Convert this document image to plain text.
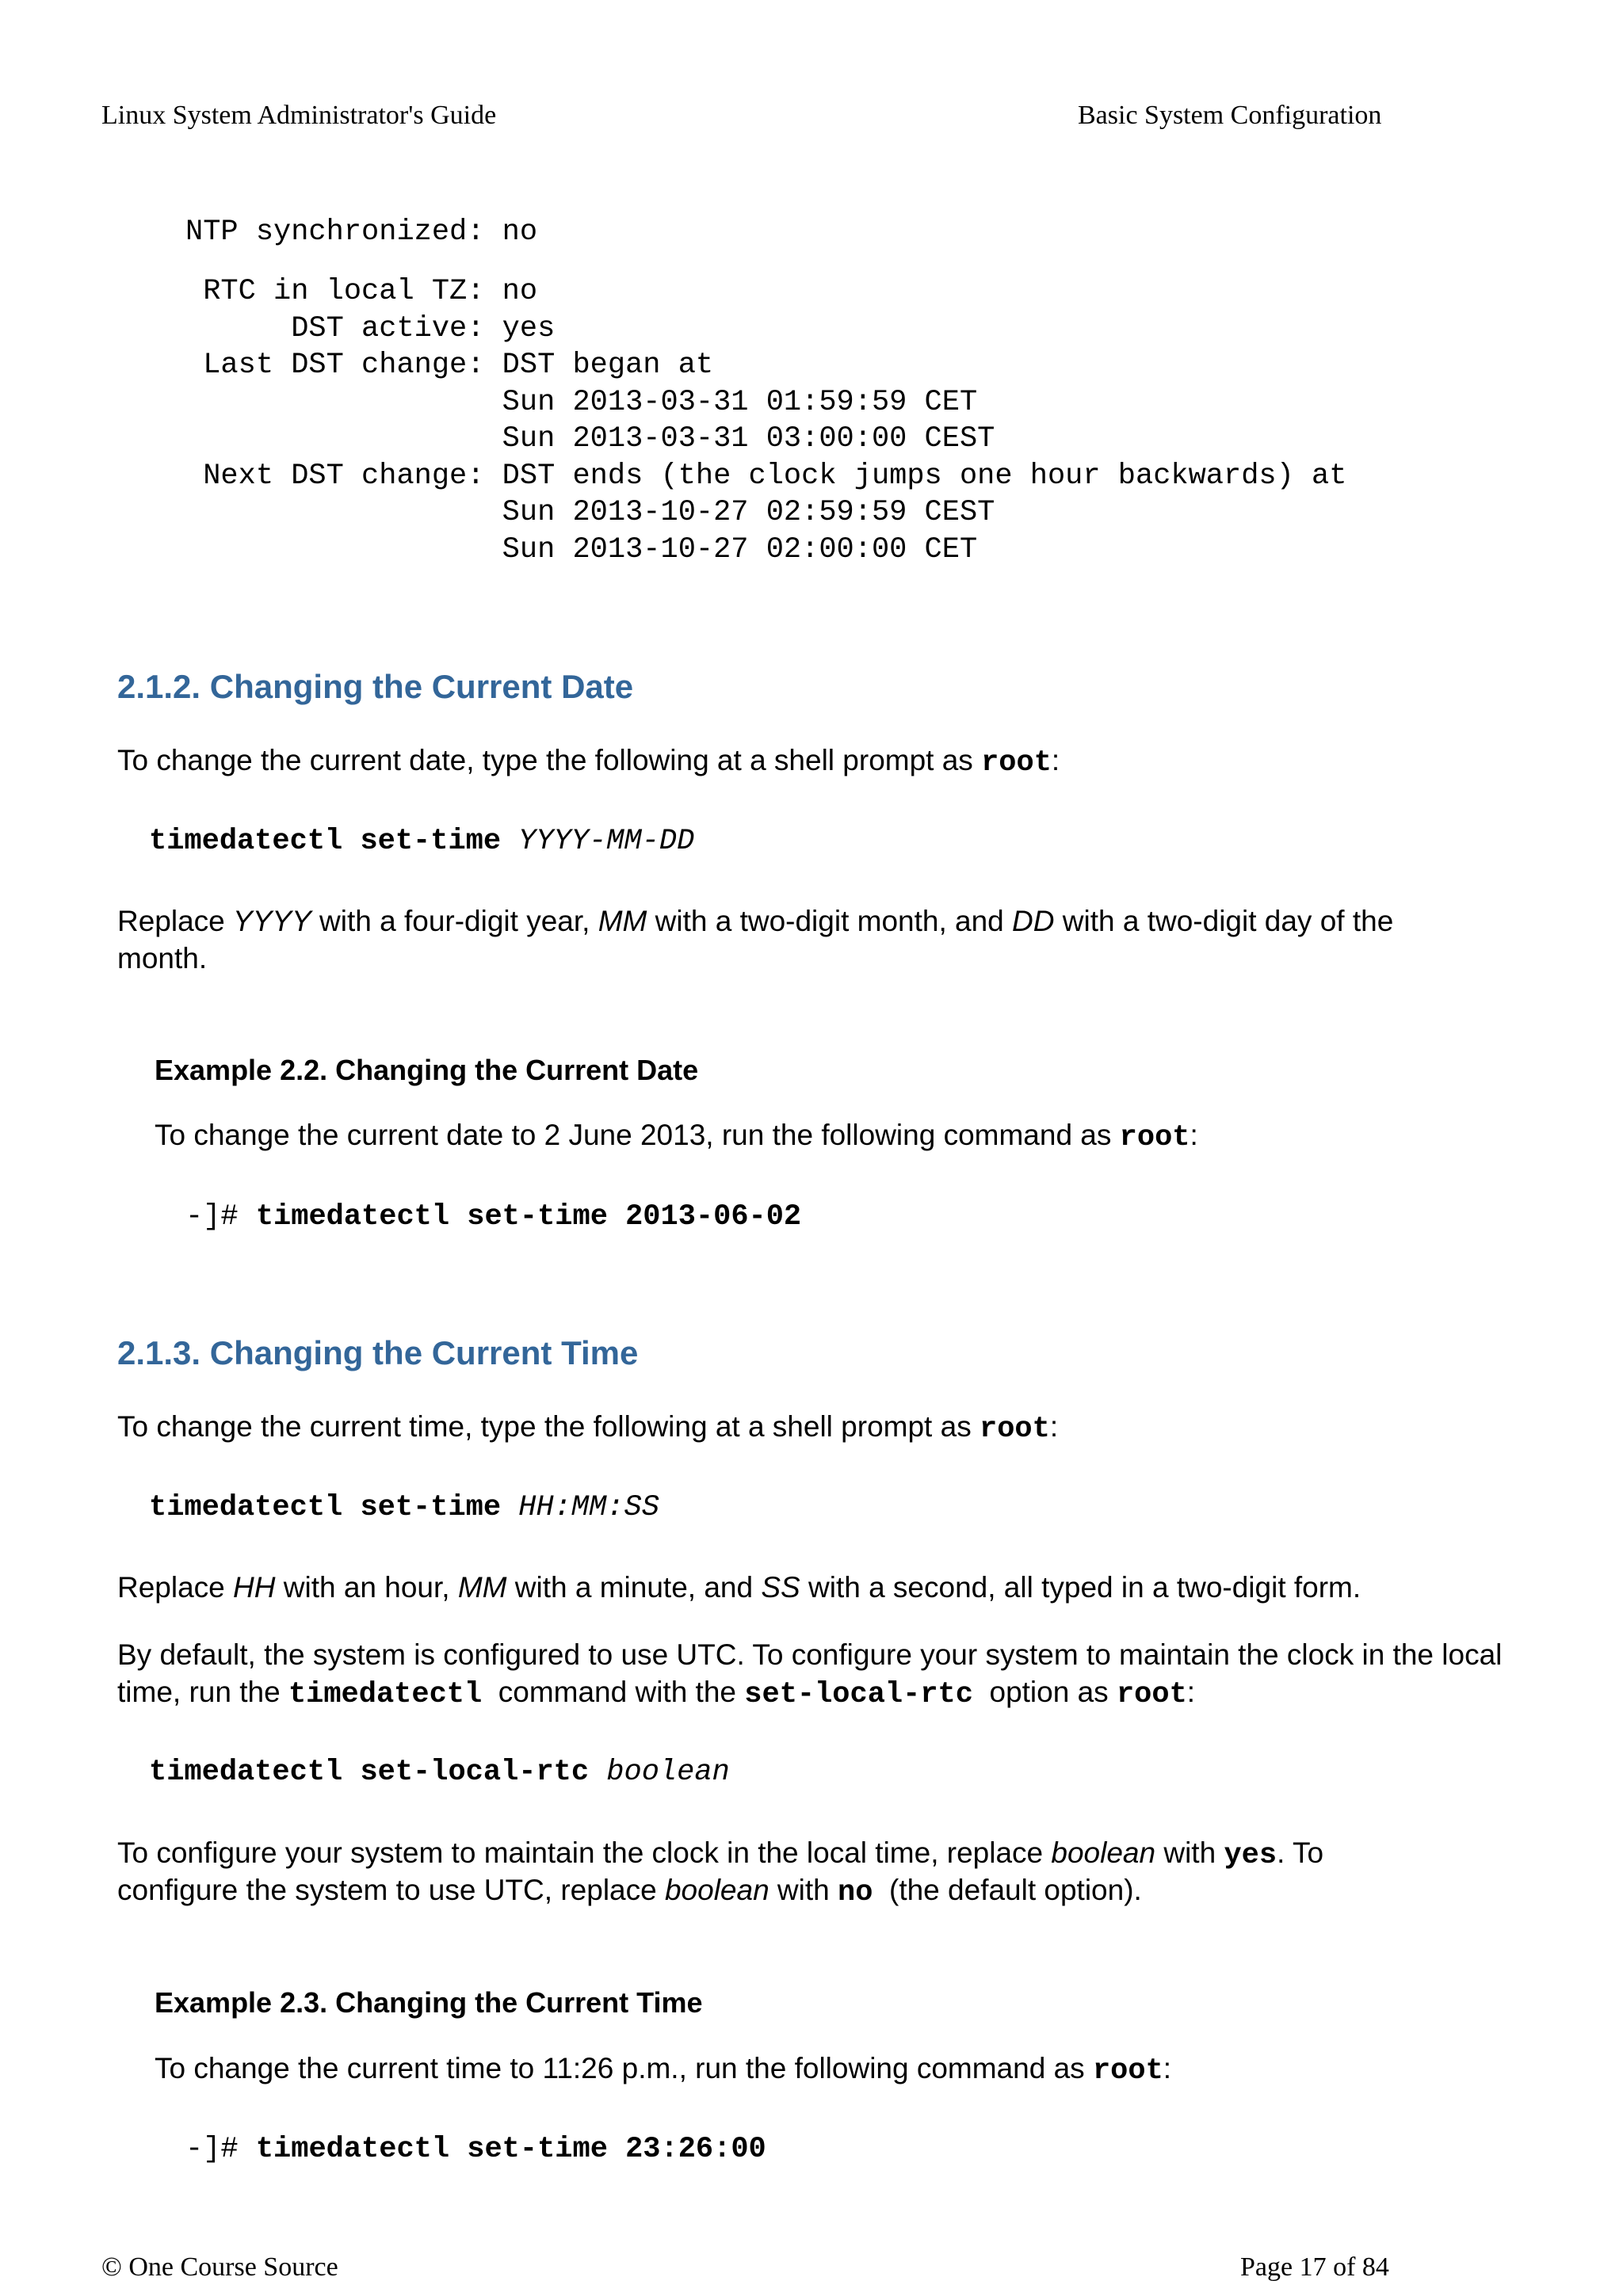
Linux System Administrator's Guide	Basic System Configuration
NTP synchronized: no
RTC in local TZ: no
DST active: yes
Last DST change: DST began at
Sun 2013-03-31 01:59:59 CET
Sun 2013-03-31 03:00:00 CEST
Next DST change: DST ends (the clock jumps one hour backwards) at
Sun 2013-10-27 02:59:59 CEST
Sun 2013-10-27 02:00:00 CET
2.1.2. Changing the Current Date
To change the current date, type the following at a shell prompt as root:
timedatectl set-time YYYY-MM-DD
Replace YYYY with a four-digit year, MM with a two-digit month, and DD with a two-digit day of the
month.
Example 2.2. Changing the Current Date
To change the current date to 2 June 2013, run the following command as root:
-]# timedatectl set-time 2013-06-02
2.1.3. Changing the Current Time
To change the current time, type the following at a shell prompt as root:
timedatectl set-time HH:MM:SS
Replace HH with an hour, MM with a minute, and SS with a second, all typed in a two-digit form.
By default, the system is configured to use UTC. To configure your system to maintain the clock in the local
time, run the timedatectl  command with the set-local-rtc  option as root:
timedatectl set-local-rtc boolean
To configure your system to maintain the clock in the local time, replace boolean with yes. To
configure the system to use UTC, replace boolean with no  (the default option).
Example 2.3. Changing the Current Time
To change the current time to 11:26 p.m., run the following command as root:
-]# timedatectl set-time 23:26:00
© One Course Source	Page 17 of 84
